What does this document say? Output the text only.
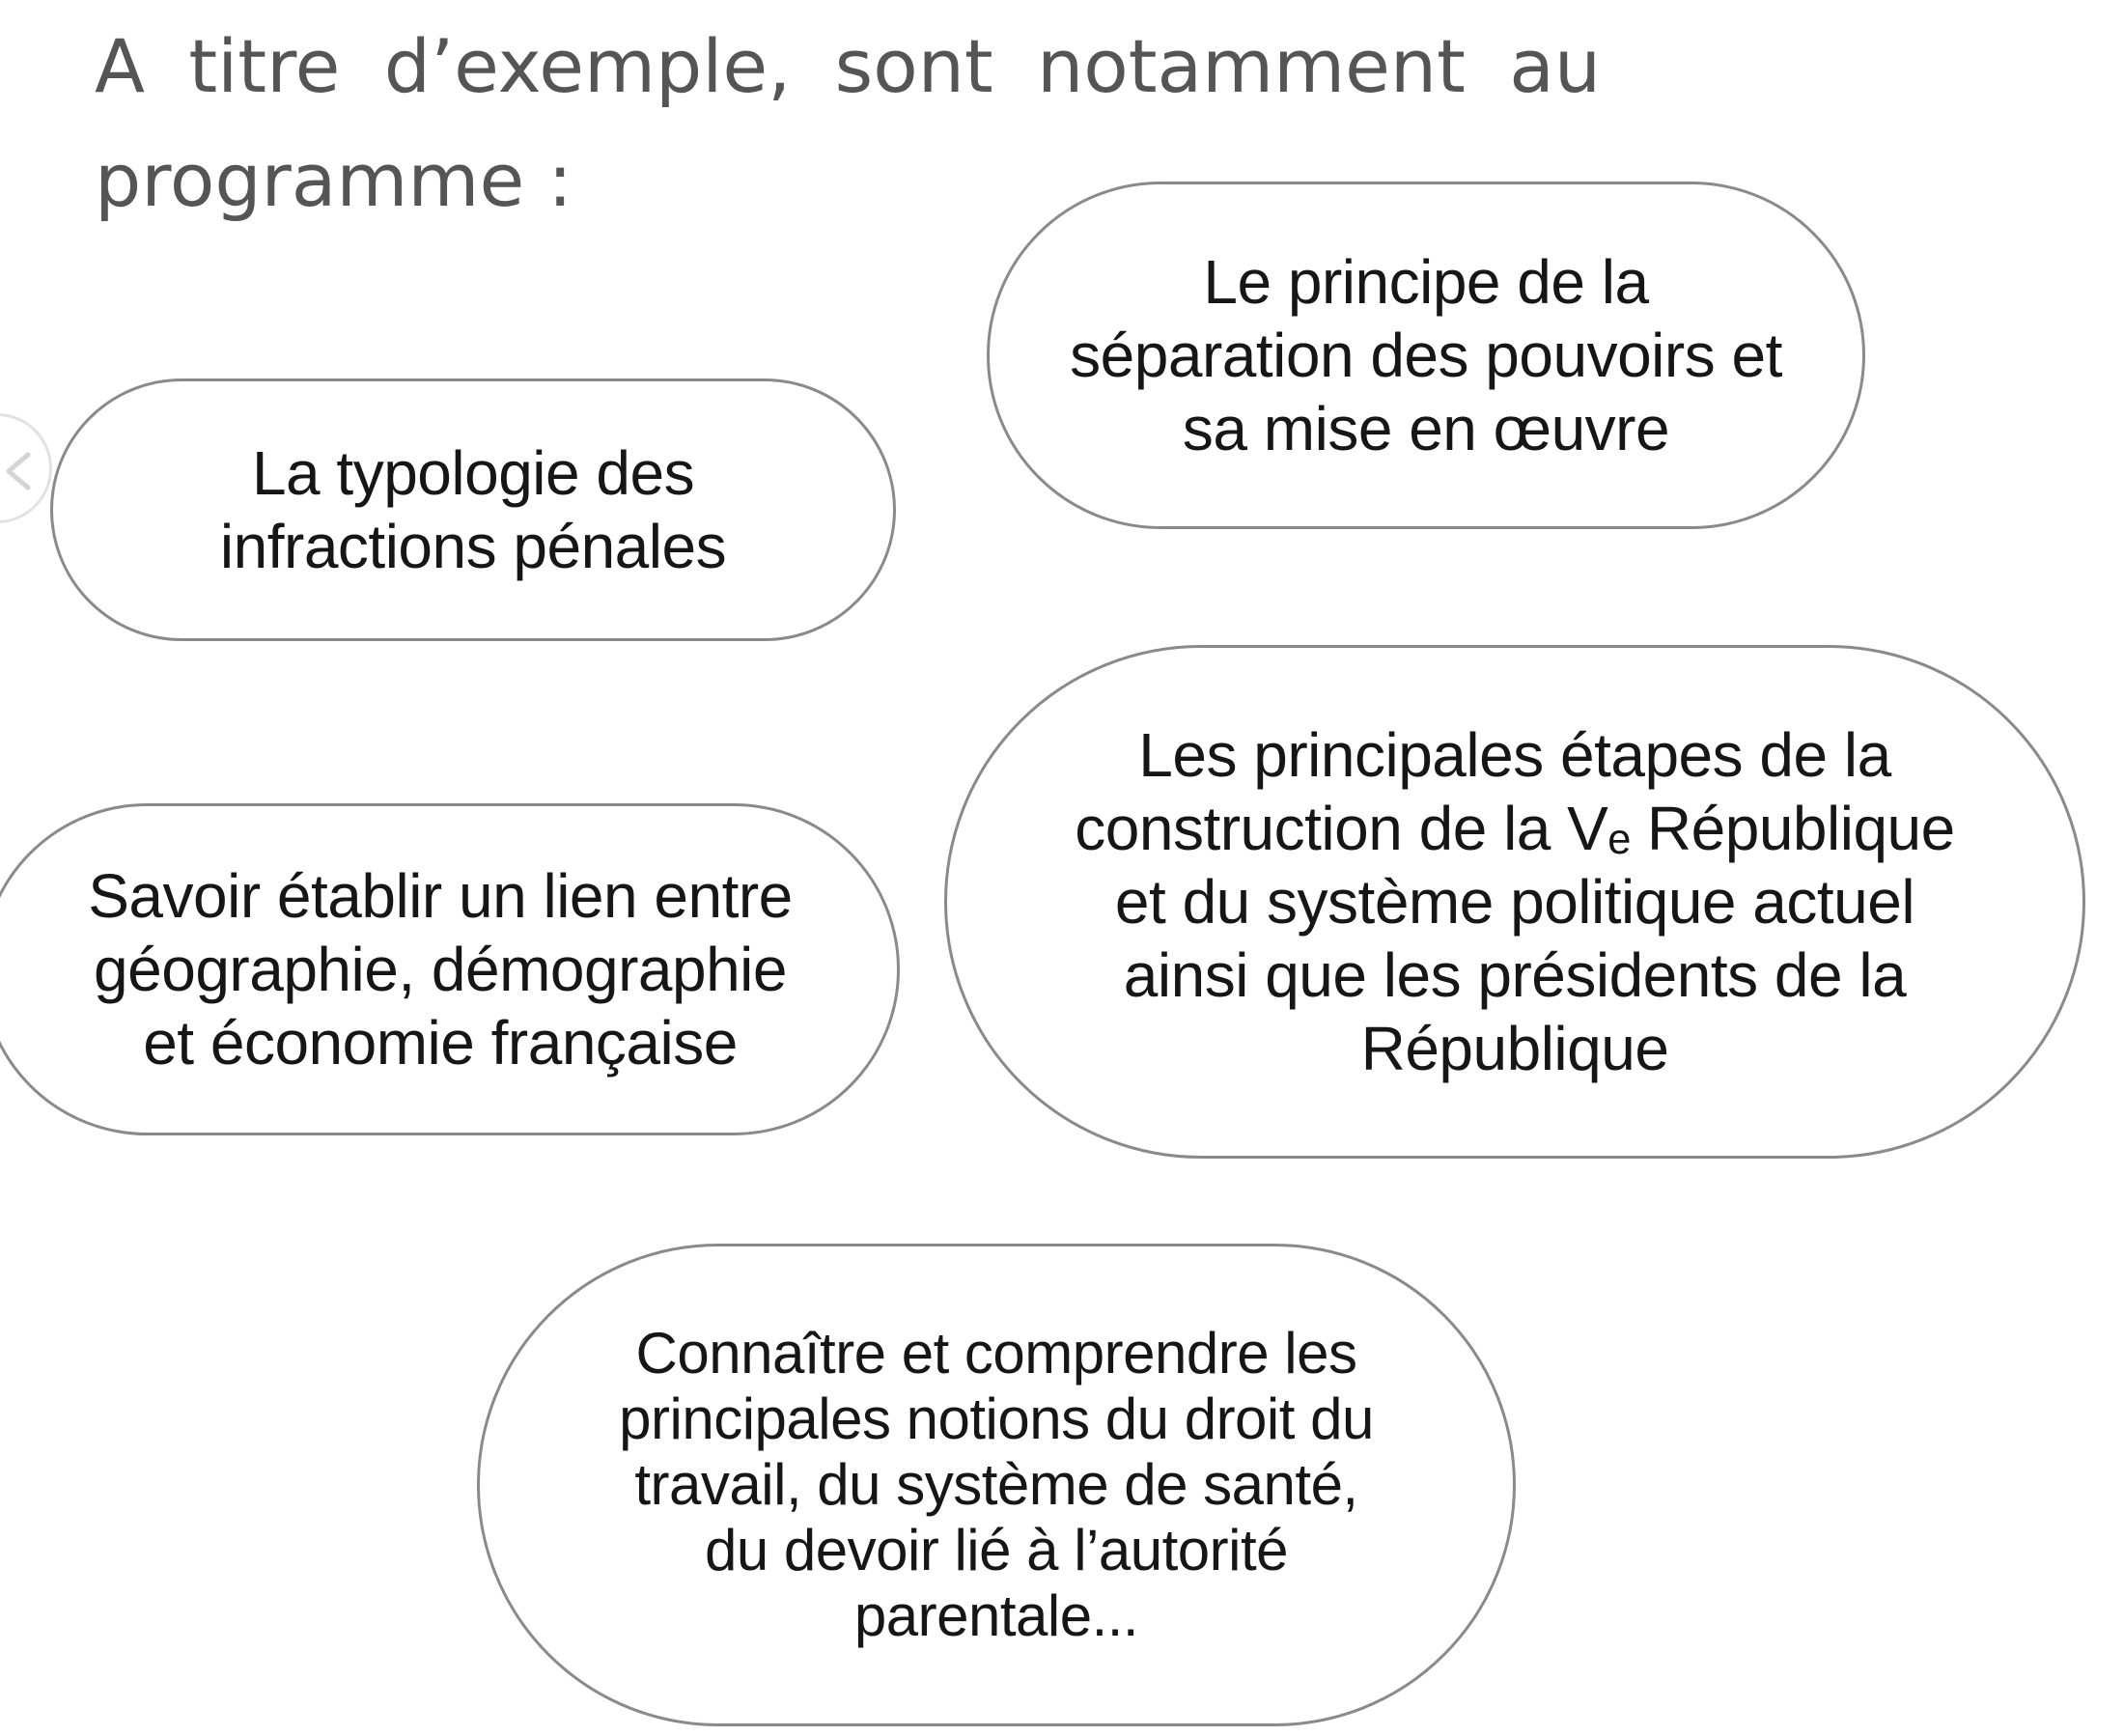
A titre d’exemple, sont notamment au programme :

Le principe de la
séparation des pouvoirs et
sa mise en œuvre

La typologie des
infractions pénales

Les principales étapes de la
construction de la Vₑ République
et du système politique actuel
ainsi que les présidents de la
République

Savoir établir un lien entre
géographie, démographie
et économie française

Connaître et comprendre les
principales notions du droit du
travail, du système de santé,
du devoir lié à l’autorité
parentale...
